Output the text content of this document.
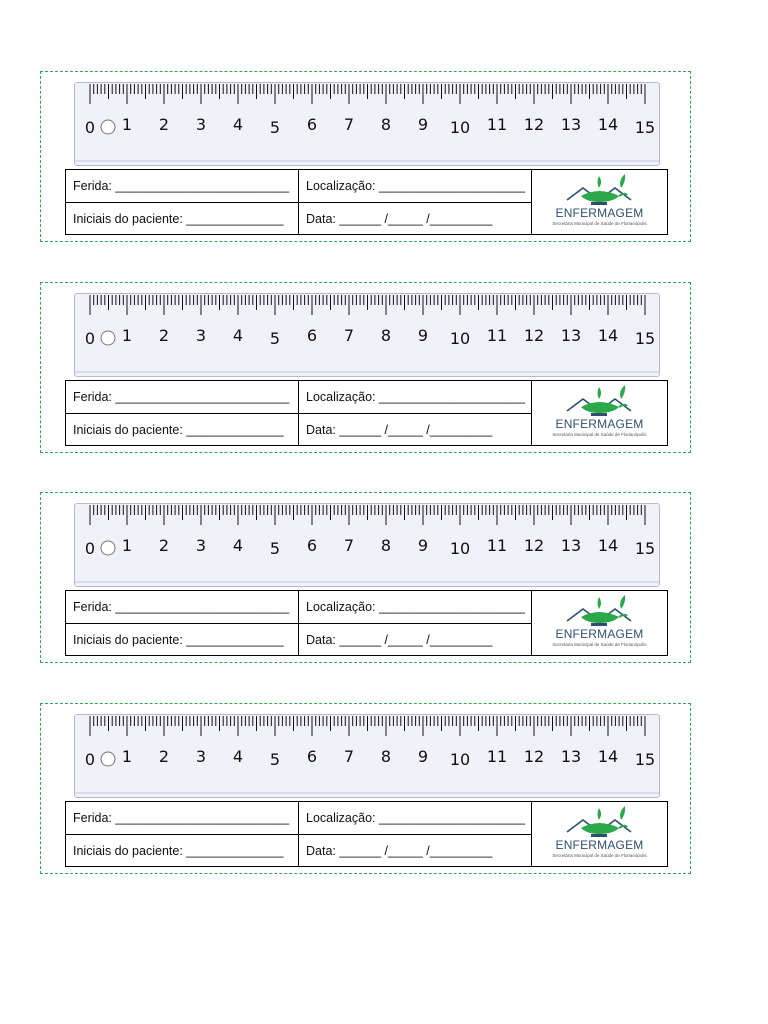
0 1 2 3 4 5 6 7 8 9 10 11 12 13 14 15
Ferida: _________________________	Localização: _____________________
Iniciais do paciente: ______________	Data: ______ /_____ /_________	ENFERMAGEM
Secretaria Municipal de Saúde de Florianópolis
0 1 2 3 4 5 6 7 8 9 10 11 12 13 14 15
Ferida: _________________________	Localização: _____________________
Iniciais do paciente: ______________	Data: ______ /_____ /_________	ENFERMAGEM
Secretaria Municipal de Saúde de Florianópolis
0 1 2 3 4 5 6 7 8 9 10 11 12 13 14 15
Ferida: _________________________	Localização: _____________________
Iniciais do paciente: ______________	Data: ______ /_____ /_________	ENFERMAGEM
Secretaria Municipal de Saúde de Florianópolis
0 1 2 3 4 5 6 7 8 9 10 11 12 13 14 15
Ferida: _________________________	Localização: _____________________
Iniciais do paciente: ______________	Data: ______ /_____ /_________	ENFERMAGEM
Secretaria Municipal de Saúde de Florianópolis
